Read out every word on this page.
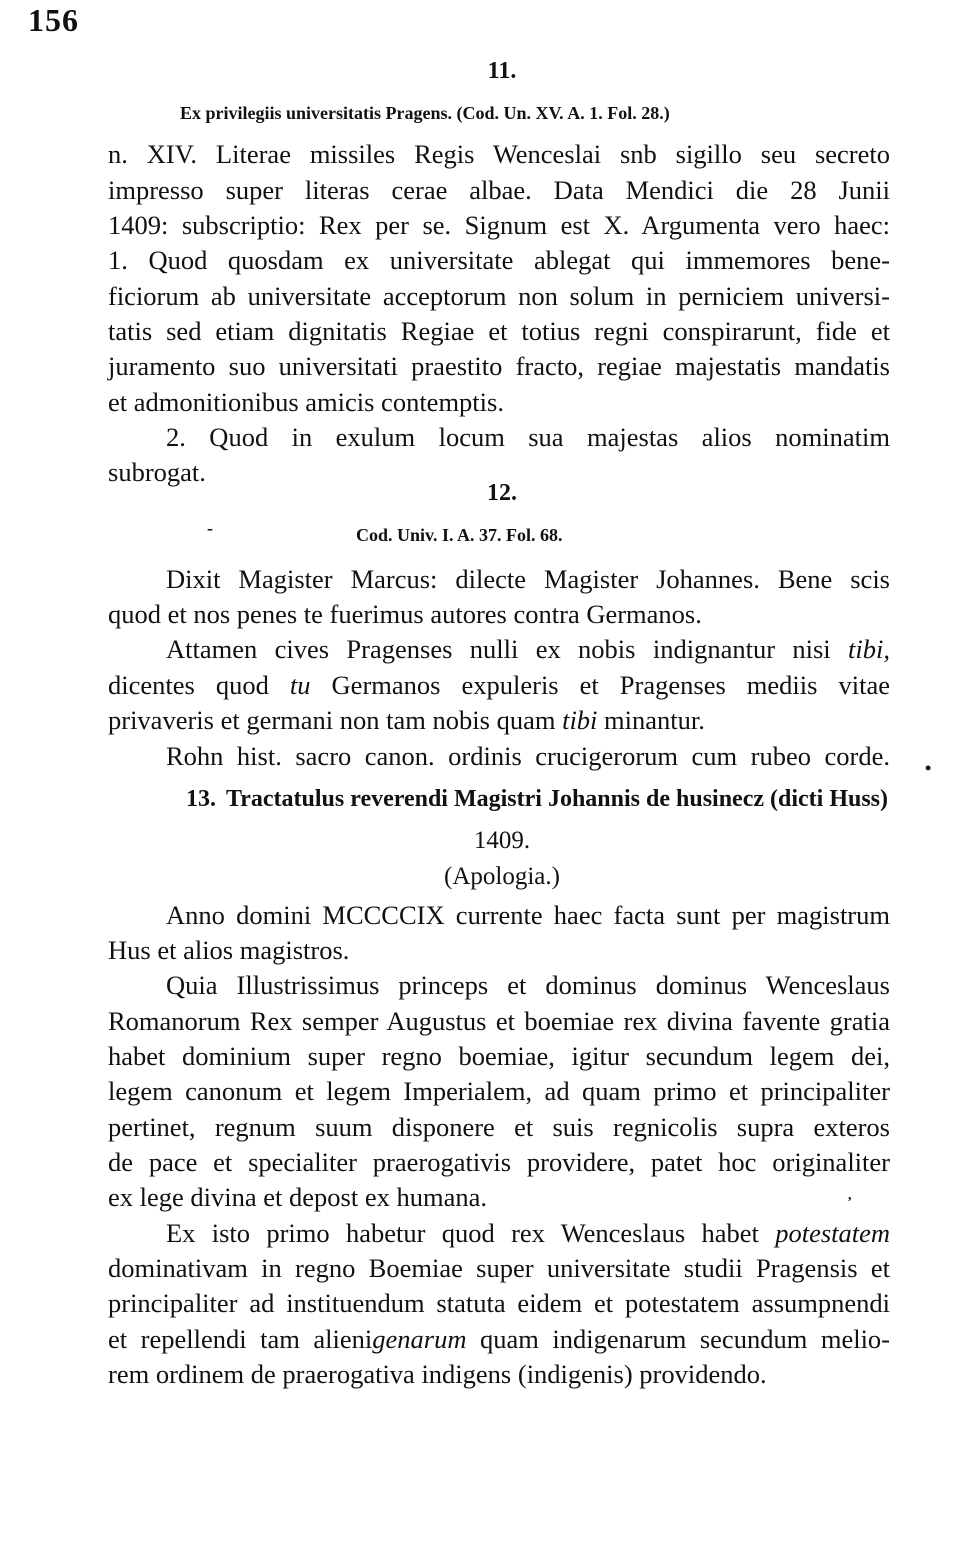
156
11.
Ex privilegiis universitatis Pragens. (Cod. Un. XV. A. 1. Fol. 28.)
n. XIV. Literae missiles Regis Wenceslai snb sigillo seu secreto
impresso super literas cerae albae. Data Mendici die 28 Junii
1409: subscriptio: Rex per se. Signum est X. Argumenta vero haec:
1. Quod quosdam ex universitate ablegat qui immemores bene-
ficiorum ab universitate acceptorum non solum in perniciem universi-
tatis sed etiam dignitatis Regiae et totius regni conspirarunt, fide et
juramento suo universitati praestito fracto, regiae majestatis mandatis
et admonitionibus amicis contemptis.
2. Quod in exulum locum sua majestas alios nominatim
subrogat.
12.
-	Cod. Univ. I. A. 37. Fol. 68.
Dixit Magister Marcus: dilecte Magister Johannes. Bene scis
quod et nos penes te fuerimus autores contra Germanos.
Attamen cives Pragenses nulli ex nobis indignantur nisi tibi,
dicentes quod tu Germanos expuleris et Pragenses mediis vitae
privaveris et germani non tam nobis quam tibi minantur.
Rohn hist. sacro canon. ordinis crucigerorum cum rubeo corde. •
13. Tractatulus reverendi Magistri Johannis de husinecz (dicti Huss)
1409.
(Apologia.)
Anno domini MCCCCIX currente haec facta sunt per magistrum
Hus et alios magistros.
Quia Illustrissimus princeps et dominus dominus Wenceslaus
Romanorum Rex semper Augustus et boemiae rex divina favente gratia
habet dominium super regno boemiae, igitur secundum legem dei,
legem canonum et legem Imperialem, ad quam primo et principaliter
pertinet, regnum suum disponere et suis regnicolis supra exteros
de pace et specialiter praerogativis providere, patet hoc originaliter
ex lege divina et depost ex humana.	,
Ex isto primo habetur quod rex Wenceslaus habet potestatem
dominativam in regno Boemiae super universitate studii Pragensis et
principaliter ad instituendum statuta eidem et potestatem assumpnendi
et repellendi tam alienigenarum quam indigenarum secundum melio-
rem ordinem de praerogativa indigens (indigenis) providendo.
